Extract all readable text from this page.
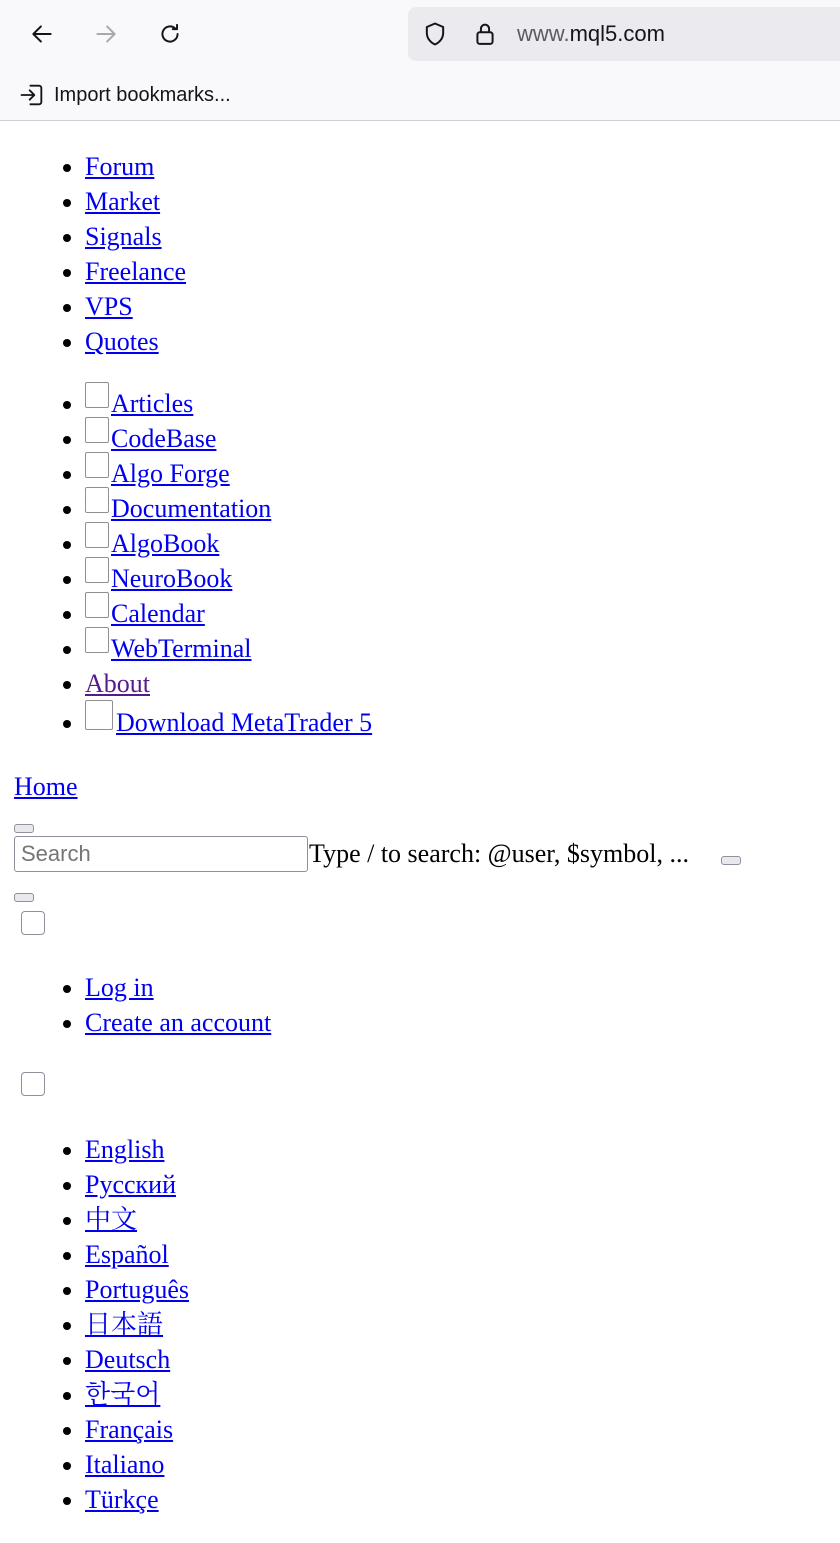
www.mql5.com
Import bookmarks...
• Forum
• Market
• Signals
• Freelance
• VPS
• Quotes
• Articles
• CodeBase
• Algo Forge
• Documentation
• AlgoBook
• NeuroBook
• Calendar
• WebTerminal
• About
• Download MetaTrader 5
Home
Search
Type / to search: @user, $symbol, ...
• Log in
• Create an account
• English
• Русский
• 中文
• Español
• Português
• 日本語
• Deutsch
• 한국어
• Français
• Italiano
• Türkçe
